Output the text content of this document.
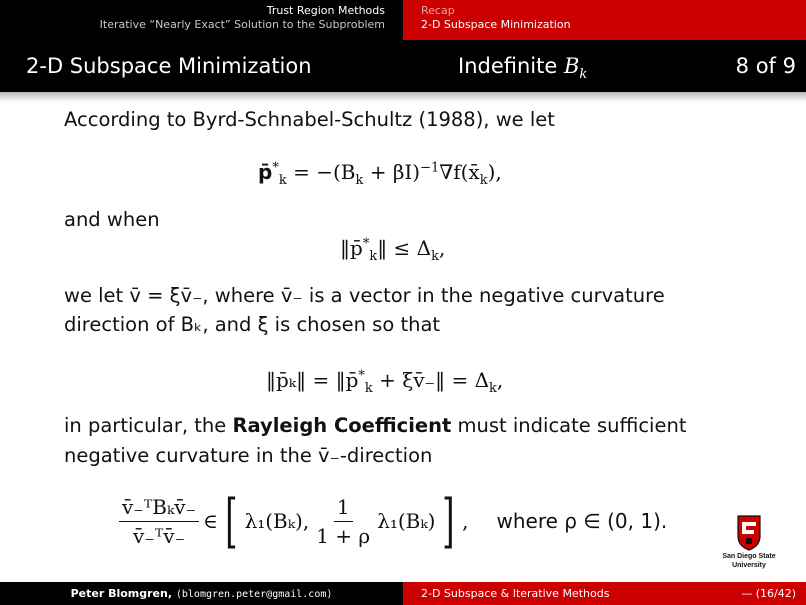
Trust Region Methods
Iterative “Nearly Exact” Solution to the Subproblem
Recap
2-D Subspace Minimization
2-D Subspace Minimization	Indefinite $B_k$	8 of 9
According to Byrd-Schnabel-Schultz (1988), we let
$p̄^*_k = -(B_k$ + $\beta I)^{-1}\nabla f(x̄_k)$,
and when
$‖p̄^*_k‖ \le \Delta_k$,
we let v̄ = ξv̄₋, where v̄₋ is a vector in the negative curvature
direction of Bₖ, and ξ is chosen so that
‖p̄ₖ‖ = $‖p̄^*_k$ + ξv̄₋‖ = $\Delta_k$,
in particular, the Rayleigh Coefficient must indicate sufficient
negative curvature in the v̄₋-direction
$\frac{\text{v̄₋ᵀBₖv̄₋}}{\text{v̄₋ᵀv̄₋}}$ ∈ [ λ₁(Bₖ), $\frac{1}{1 + \rho} \lambda_1(B_k)$ ] , where ρ ∈ (0, 1).
San Diego State
University
Peter Blomgren, ⟨blomgren.peter@gmail.com⟩	2-D Subspace & Iterative Methods	— (16/42)
